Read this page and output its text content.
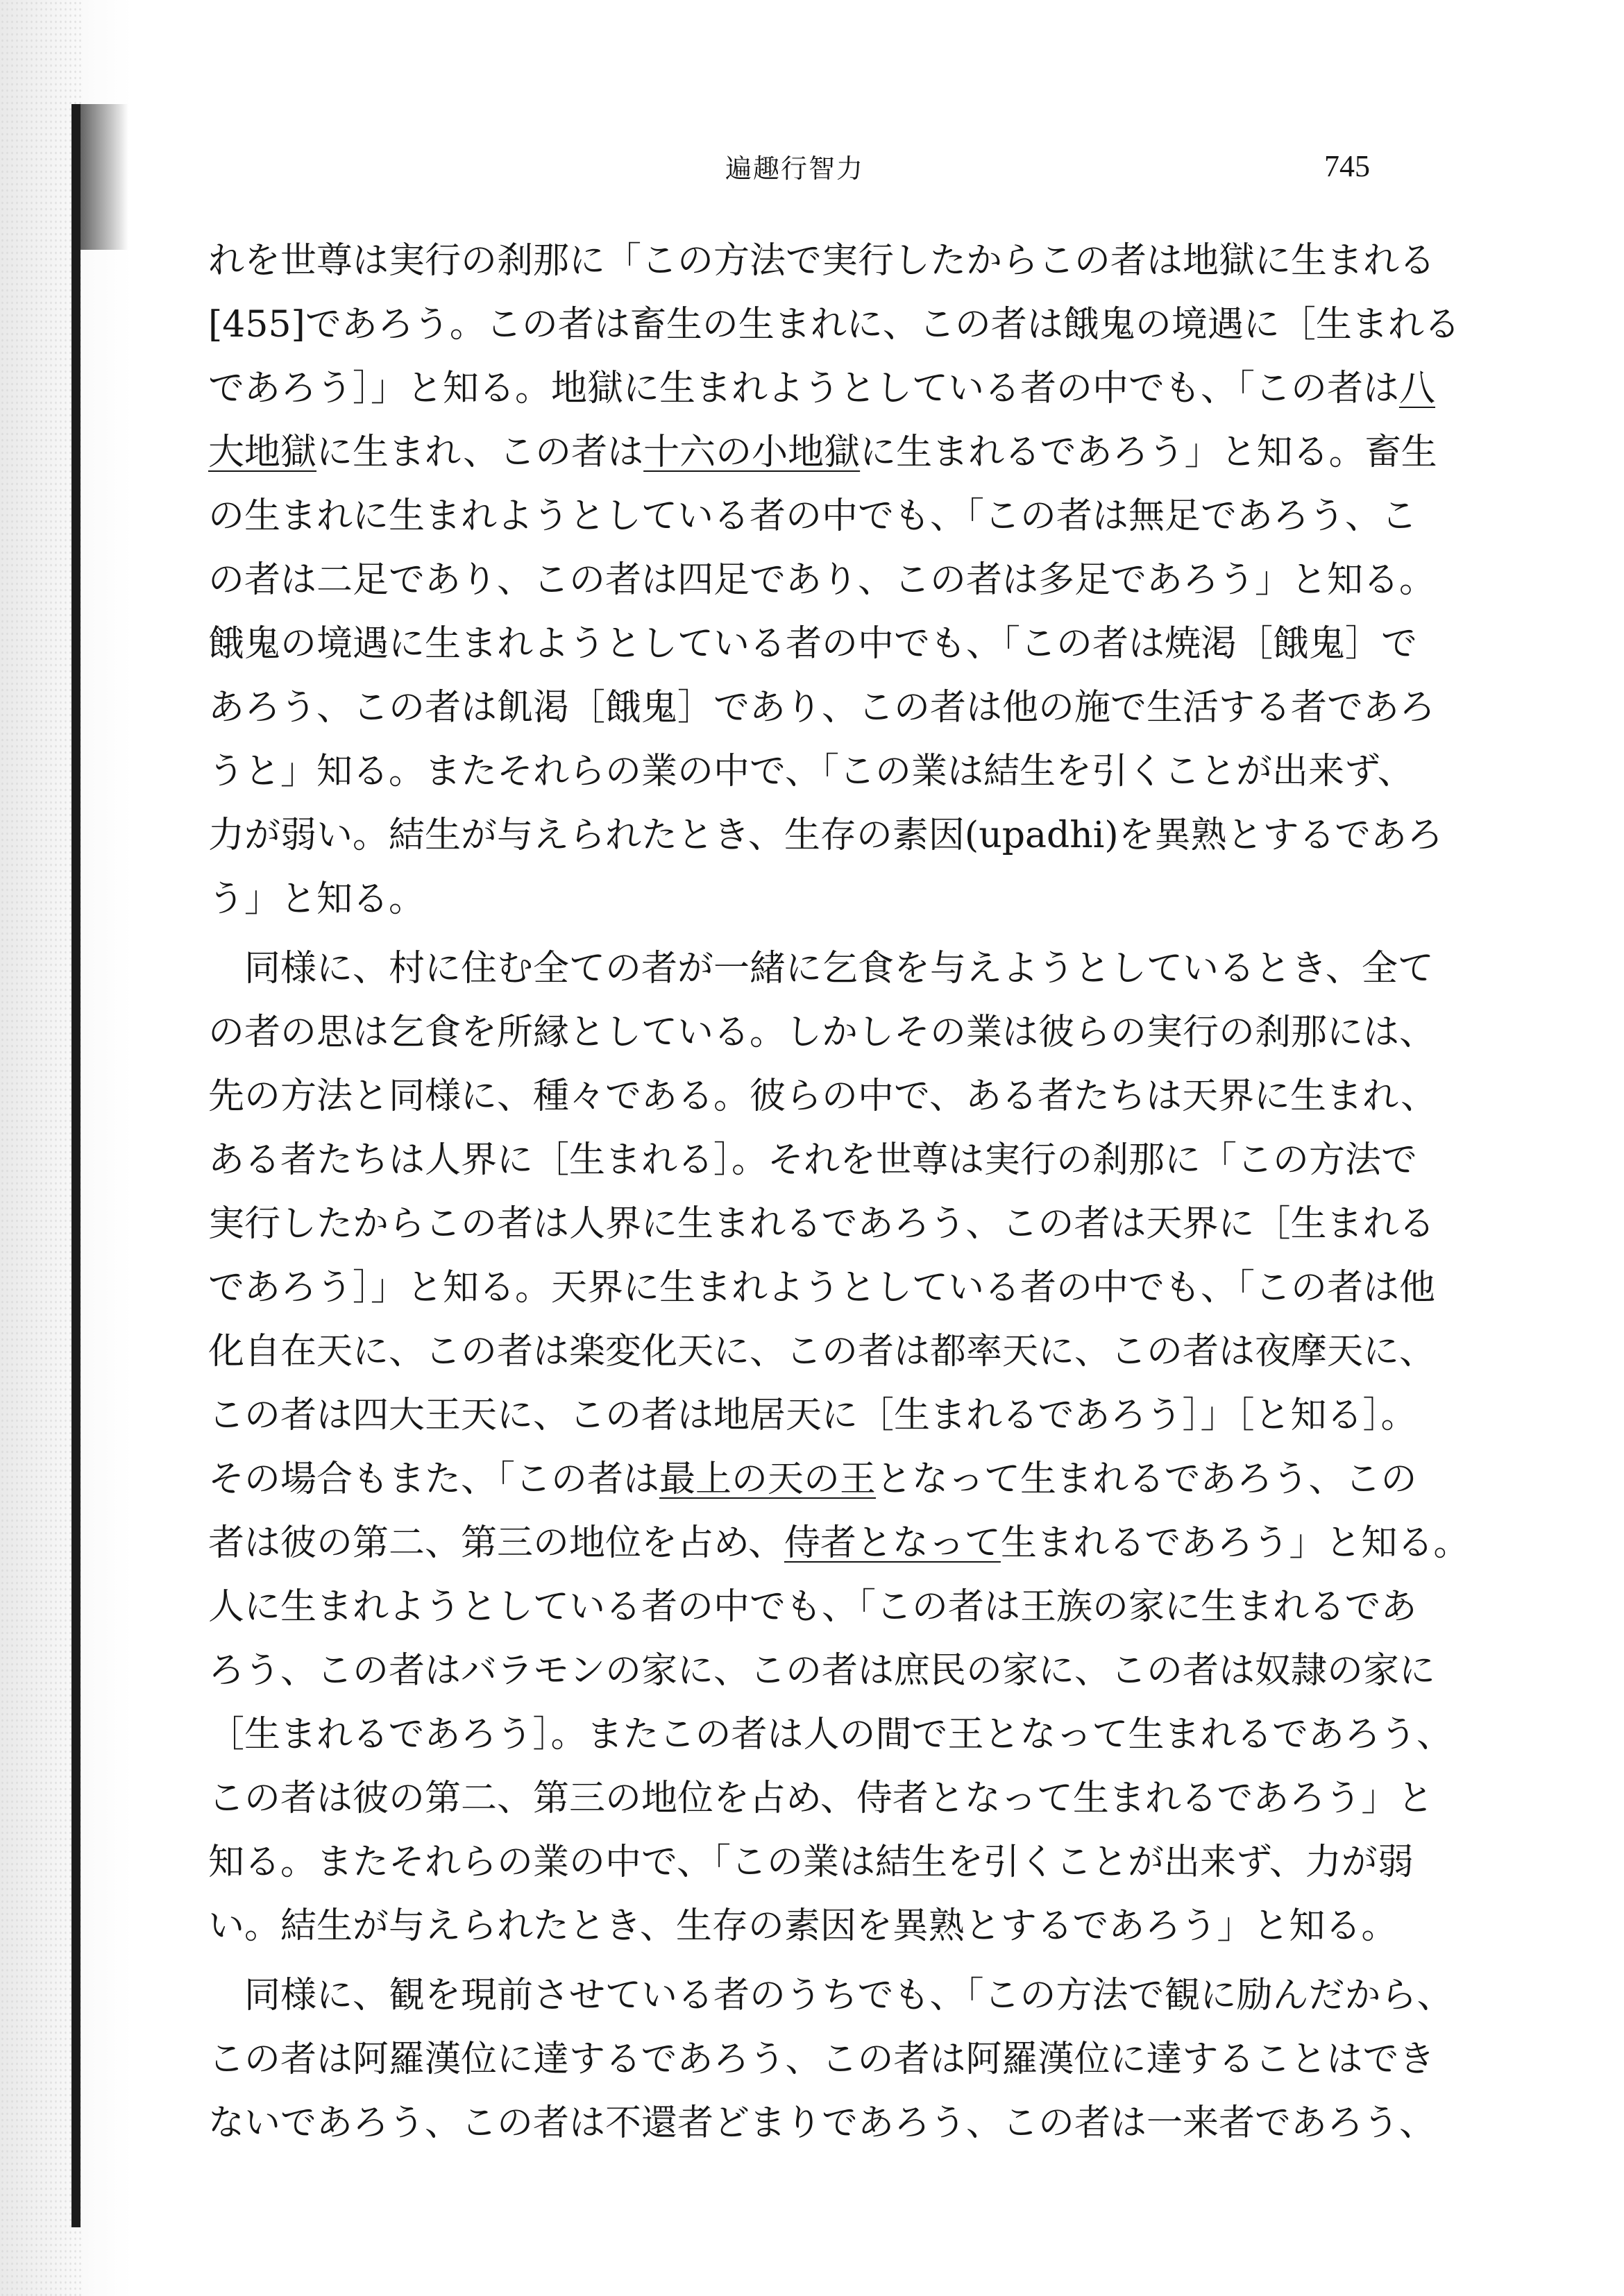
遍趣行智力	745
れを世尊は実行の刹那に「この方法で実行したからこの者は地獄に生まれる
[455]であろう。この者は畜生の生まれに、この者は餓鬼の境遇に［生まれる
であろう］」と知る。地獄に生まれようとしている者の中でも、「この者は八
大地獄に生まれ、この者は十六の小地獄に生まれるであろう」と知る。畜生
の生まれに生まれようとしている者の中でも、「この者は無足であろう、こ
の者は二足であり、この者は四足であり、この者は多足であろう」と知る。
餓鬼の境遇に生まれようとしている者の中でも、「この者は焼渇［餓鬼］で
あろう、この者は飢渇［餓鬼］であり、この者は他の施で生活する者であろ
うと」知る。またそれらの業の中で、「この業は結生を引くことが出来ず、
力が弱い。結生が与えられたとき、生存の素因(upadhi)を異熟とするであろ
う」と知る。
同様に、村に住む全ての者が一緒に乞食を与えようとしているとき、全て
の者の思は乞食を所縁としている。しかしその業は彼らの実行の刹那には、
先の方法と同様に、種々である。彼らの中で、ある者たちは天界に生まれ、
ある者たちは人界に［生まれる］。それを世尊は実行の刹那に「この方法で
実行したからこの者は人界に生まれるであろう、この者は天界に［生まれる
であろう］」と知る。天界に生まれようとしている者の中でも、「この者は他
化自在天に、この者は楽変化天に、この者は都率天に、この者は夜摩天に、
この者は四大王天に、この者は地居天に［生まれるであろう］」［と知る］。
その場合もまた、「この者は最上の天の王となって生まれるであろう、この
者は彼の第二、第三の地位を占め、侍者となって生まれるであろう」と知る。
人に生まれようとしている者の中でも、「この者は王族の家に生まれるであ
ろう、この者はバラモンの家に、この者は庶民の家に、この者は奴隷の家に
［生まれるであろう］。またこの者は人の間で王となって生まれるであろう、
この者は彼の第二、第三の地位を占め、侍者となって生まれるであろう」と
知る。またそれらの業の中で、「この業は結生を引くことが出来ず、力が弱
い。結生が与えられたとき、生存の素因を異熟とするであろう」と知る。
同様に、観を現前させている者のうちでも、「この方法で観に励んだから、
この者は阿羅漢位に達するであろう、この者は阿羅漢位に達することはでき
ないであろう、この者は不還者どまりであろう、この者は一来者であろう、
